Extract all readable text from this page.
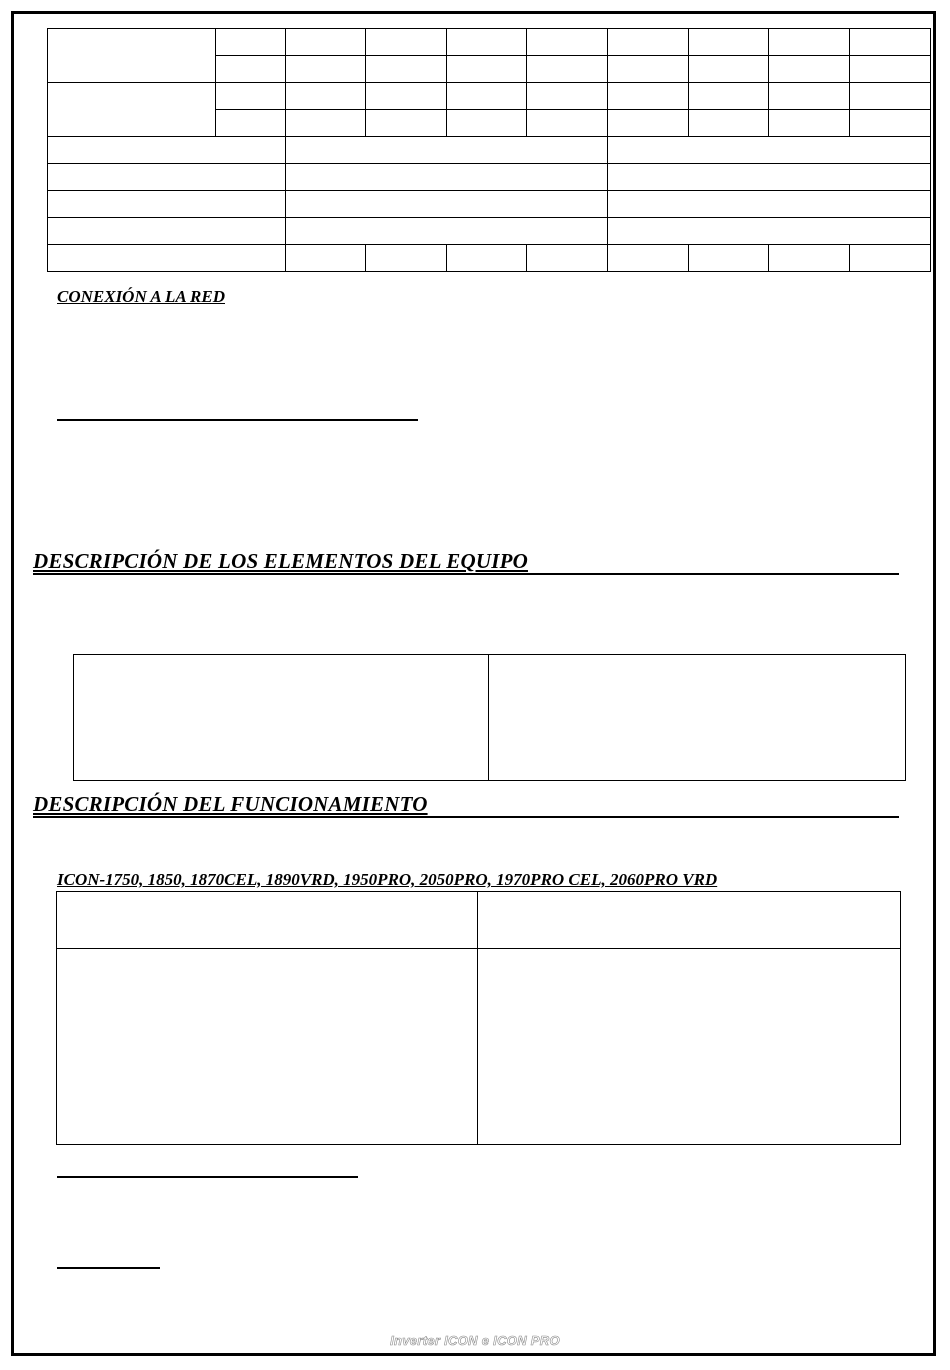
CONEXIÓN A LA RED
DESCRIPCIÓN DE LOS ELEMENTOS DEL EQUIPO

DESCRIPCIÓN DEL FUNCIONAMIENTO
ICON-1750, 1850, 1870CEL, 1890VRD, 1950PRO, 2050PRO, 1970PRO CEL, 2060PRO VRD

Inverter ICON e ICON PRO
